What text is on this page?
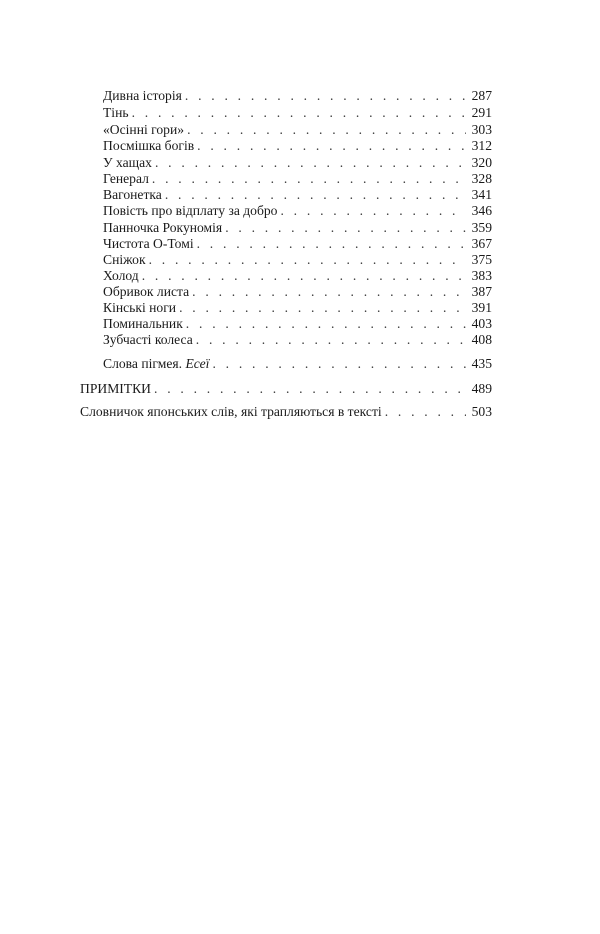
Дивна історія . . .	287
Тінь . . .	291
«Осінні гори» . . .	303
Посмішка богів . . .	312
У хащах . . .	320
Генерал . . .	328
Вагонетка . . .	341
Повість про відплату за добро . . .	346
Панночка Рокуномія . . .	359
Чистота О-Томі . . .	367
Сніжок . . .	375
Холод . . .	383
Обривок листа . . .	387
Кінські ноги . . .	391
Поминальник . . .	403
Зубчасті колеса . . .	408
Слова пігмея. Есеї . . .	435
ПРИМІТКИ . . .	489
Словничок японських слів, які трапляються в тексті . . .	503
